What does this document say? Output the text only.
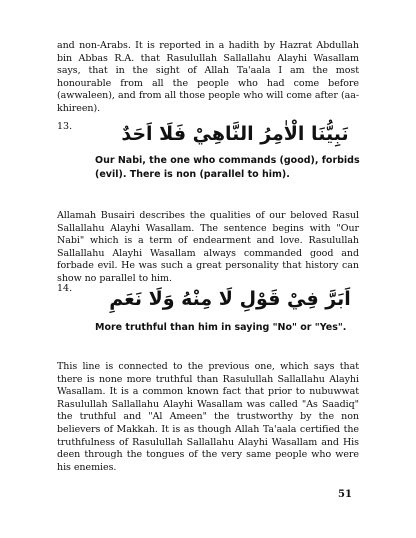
and non-Arabs. It is reported in a hadith by Hazrat Abdullah bin Abbas R.A. that Rasulullah Sallallahu Alayhi Wasallam says, that in the sight of Allah Ta'aala I am the most honourable from all the people who had come before (awwaleen), and from all those people who will come after (aa-khireen).

13.	نَبِيُّنَا الْاٰمِرُ النَّاهِيْ فَلَا اَحَدٌ

Our Nabi, the one who commands (good), forbids (evil). There is non (parallel to him).

Allamah Busairi describes the qualities of our beloved Rasul Sallallahu Alayhi Wasallam. The sentence begins with "Our Nabi" which is a term of endearment and love. Rasulullah Sallallahu Alayhi Wasallam always commanded good and forbade evil. He was such a great personality that history can show no parallel to him.

14. اَبَرَّ فِيْ قَوْلِ لَا مِنْهُ وَلَا نَعَمِ

More truthful than him in saying "No" or "Yes".

This line is connected to the previous one, which says that there is none more truthful than Rasulullah Sallallahu Alayhi Wasallam. It is a common known fact that prior to nubuwwat Rasulullah Sallallahu Alayhi Wasallam was called "As Saadiq" the truthful and "Al Ameen" the trustworthy by the non believers of Makkah. It is as though Allah Ta'aala certified the truthfulness of Rasulullah Sallallahu Alayhi Wasallam and His deen through the tongues of the very same people who were his enemies.

51
